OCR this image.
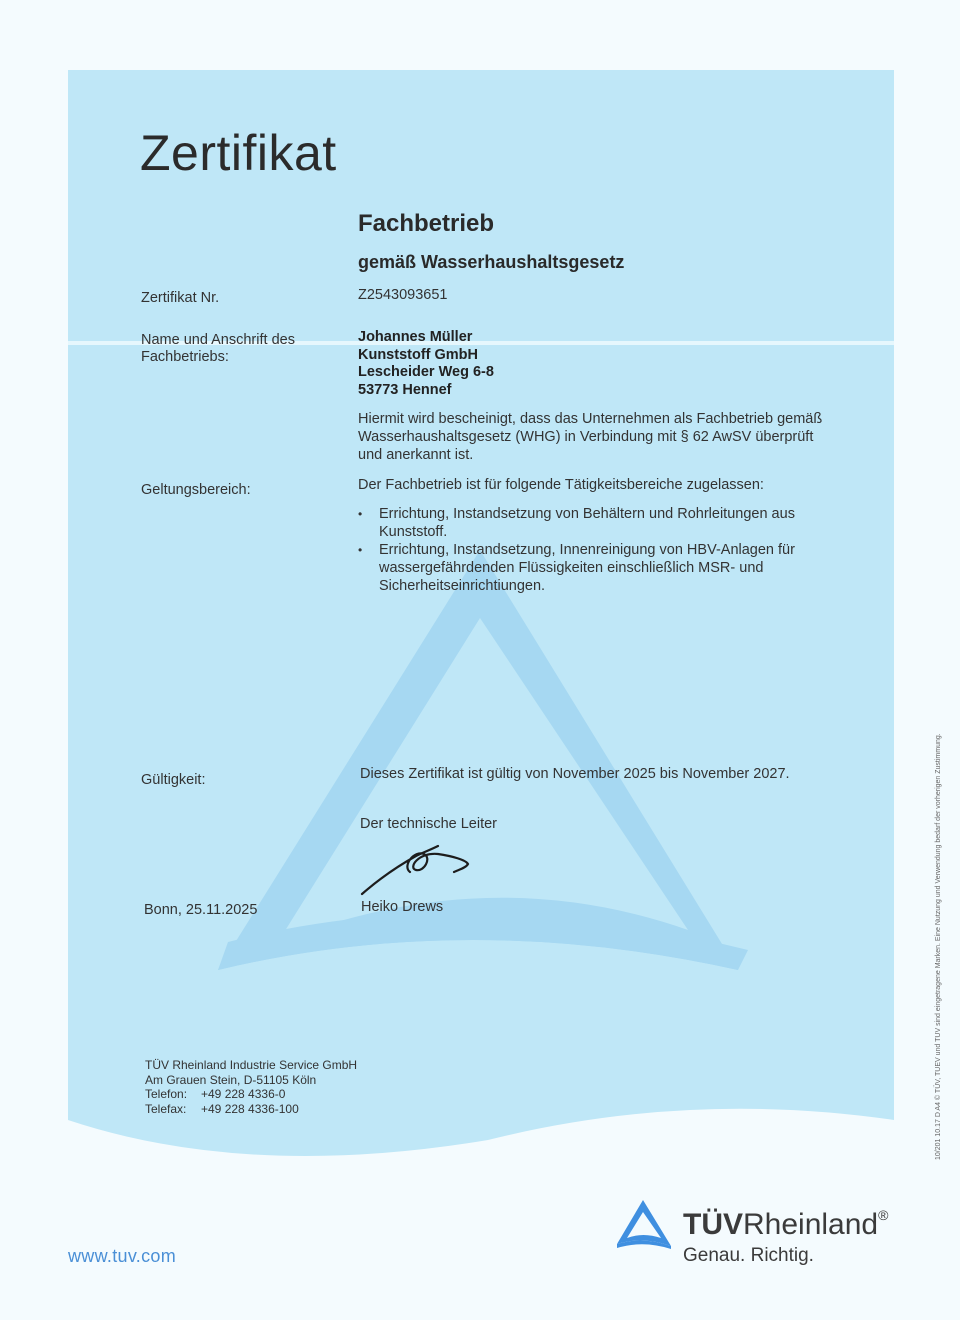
Zertifikat
Fachbetrieb
gemäß Wasserhaushaltsgesetz
Zertifikat Nr.	Z2543093651
Name und Anschrift des
Fachbetriebs:
Johannes Müller
Kunststoff GmbH
Lescheider Weg 6-8
53773 Hennef
Hiermit wird bescheinigt, dass das Unternehmen als Fachbetrieb gemäß Wasserhaushaltsgesetz (WHG) in Verbindung mit § 62 AwSV überprüft und anerkannt ist.
Geltungsbereich:	Der Fachbetrieb ist für folgende Tätigkeitsbereiche zugelassen:
• Errichtung, Instandsetzung von Behältern und Rohrleitungen aus Kunststoff.
• Errichtung, Instandsetzung, Innenreinigung von HBV-Anlagen für wassergefährdenden Flüssigkeiten einschließlich MSR- und Sicherheitseinrichtiungen.
Gültigkeit:	Dieses Zertifikat ist gültig von November 2025 bis November 2027.
Der technische Leiter
Heiko Drews
Bonn, 25.11.2025
TÜV Rheinland Industrie Service GmbH
Am Grauen Stein, D-51105 Köln
Telefon: +49 228 4336-0
Telefax: +49 228 4336-100
www.tuv.com
TÜVRheinland®
Genau. Richtig.
10/201 10.17 D A4 © TÜV, TUEV und TUV sind eingetragene Marken. Eine Nutzung und Verwendung bedarf der vorherigen Zustimmung.
